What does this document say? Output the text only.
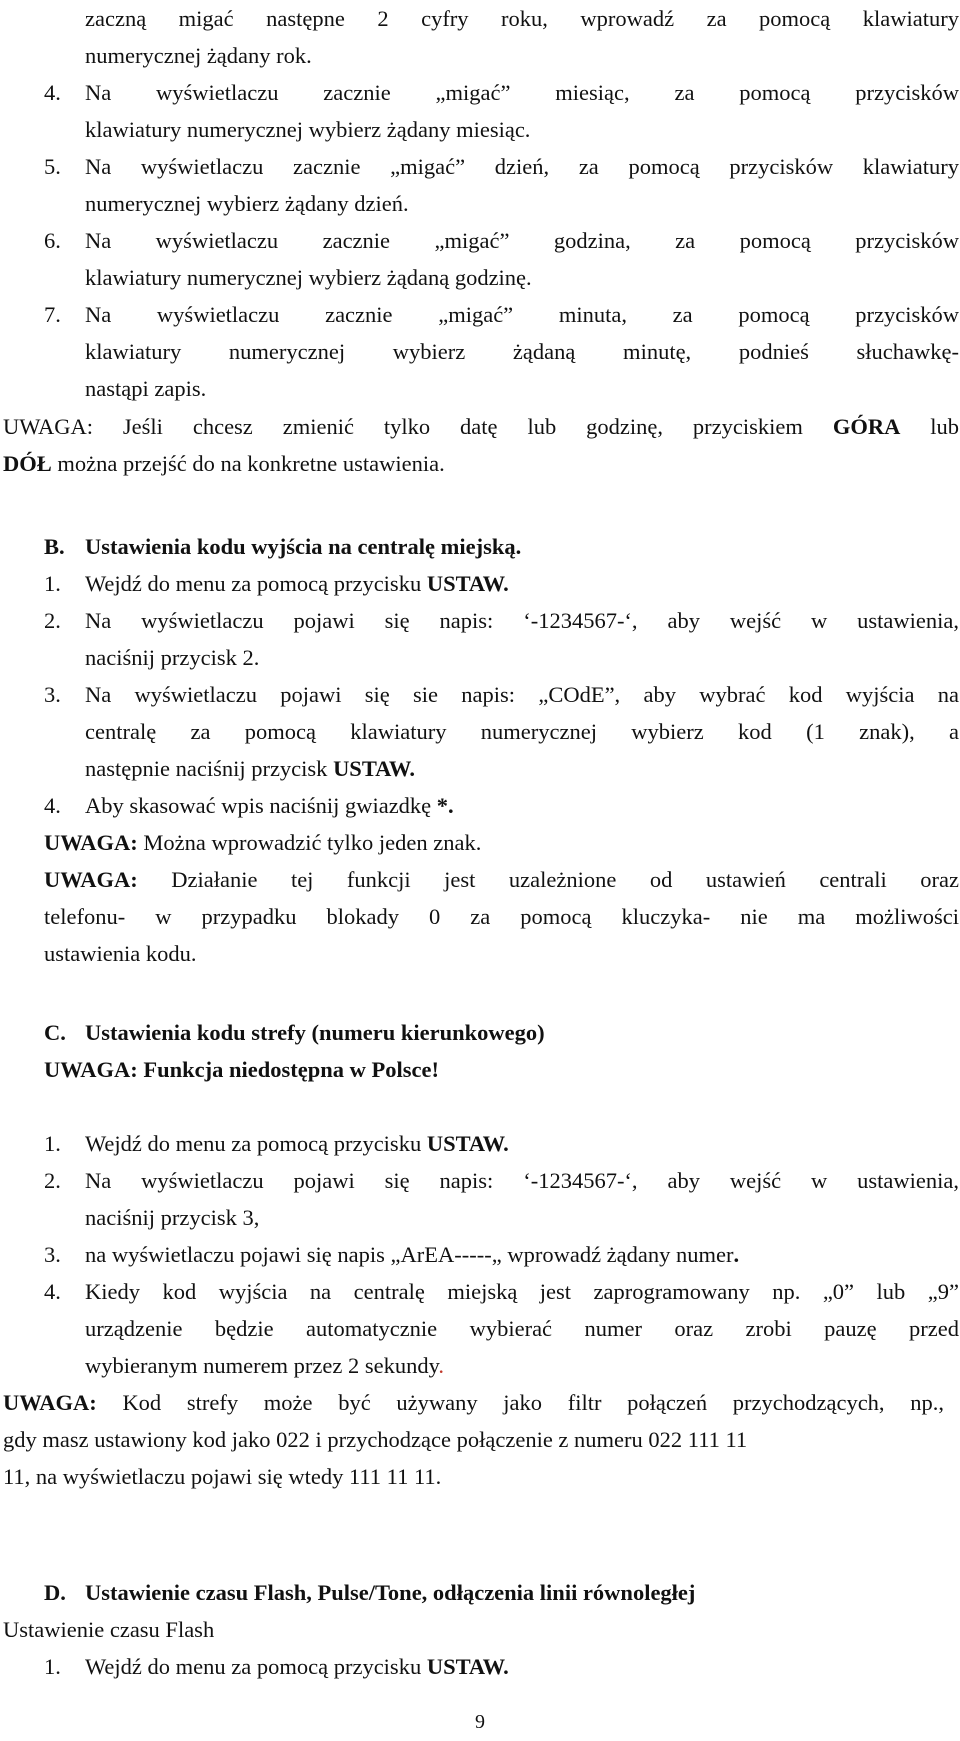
zaczną migać następne 2 cyfry roku, wprowadź za pomocą klawiatury
numerycznej żądany rok.
4. Na wyświetlaczu zacznie „migać” miesiąc, za pomocą przycisków
klawiatury numerycznej wybierz żądany miesiąc.
5. Na wyświetlaczu zacznie „migać” dzień, za pomocą przycisków klawiatury
numerycznej wybierz żądany dzień.
6. Na wyświetlaczu zacznie „migać” godzina, za pomocą przycisków
klawiatury numerycznej wybierz żądaną godzinę.
7. Na wyświetlaczu zacznie „migać” minuta, za pomocą przycisków
klawiatury numerycznej wybierz żądaną minutę, podnieś słuchawkę-
nastąpi zapis.
UWAGA: Jeśli chcesz zmienić tylko datę lub godzinę, przyciskiem GÓRA lub
DÓŁ można przejść do na konkretne ustawienia.
B. Ustawienia kodu wyjścia na centralę miejską.
1. Wejdź do menu za pomocą przycisku USTAW.
2. Na wyświetlaczu pojawi się napis: ‘-1234567-‘, aby wejść w ustawienia,
naciśnij przycisk 2.
3. Na wyświetlaczu pojawi się sie napis: „COdE”, aby wybrać kod wyjścia na
centralę za pomocą klawiatury numerycznej wybierz kod (1 znak), a
następnie naciśnij przycisk USTAW.
4. Aby skasować wpis naciśnij gwiazdkę *.
UWAGA: Można wprowadzić tylko jeden znak.
UWAGA: Działanie tej funkcji jest uzależnione od ustawień centrali oraz
telefonu- w przypadku blokady 0 za pomocą kluczyka- nie ma możliwości
ustawienia kodu.
C. Ustawienia kodu strefy (numeru kierunkowego)
UWAGA: Funkcja niedostępna w Polsce!
1. Wejdź do menu za pomocą przycisku USTAW.
2. Na wyświetlaczu pojawi się napis: ‘-1234567-‘, aby wejść w ustawienia,
naciśnij przycisk 3,
3. na wyświetlaczu pojawi się napis „ArEA-----„ wprowadź żądany numer.
4. Kiedy kod wyjścia na centralę miejską jest zaprogramowany np. „0” lub „9”
urządzenie będzie automatycznie wybierać numer oraz zrobi pauzę przed
wybieranym numerem przez 2 sekundy.
UWAGA: Kod strefy może być używany jako filtr połączeń przychodzących, np.,
gdy masz ustawiony kod jako 022 i przychodzące połączenie z numeru 022 111 11
11, na wyświetlaczu pojawi się wtedy 111 11 11.
D. Ustawienie czasu Flash, Pulse/Tone, odłączenia linii równoległej
Ustawienie czasu Flash
1. Wejdź do menu za pomocą przycisku USTAW.
9
